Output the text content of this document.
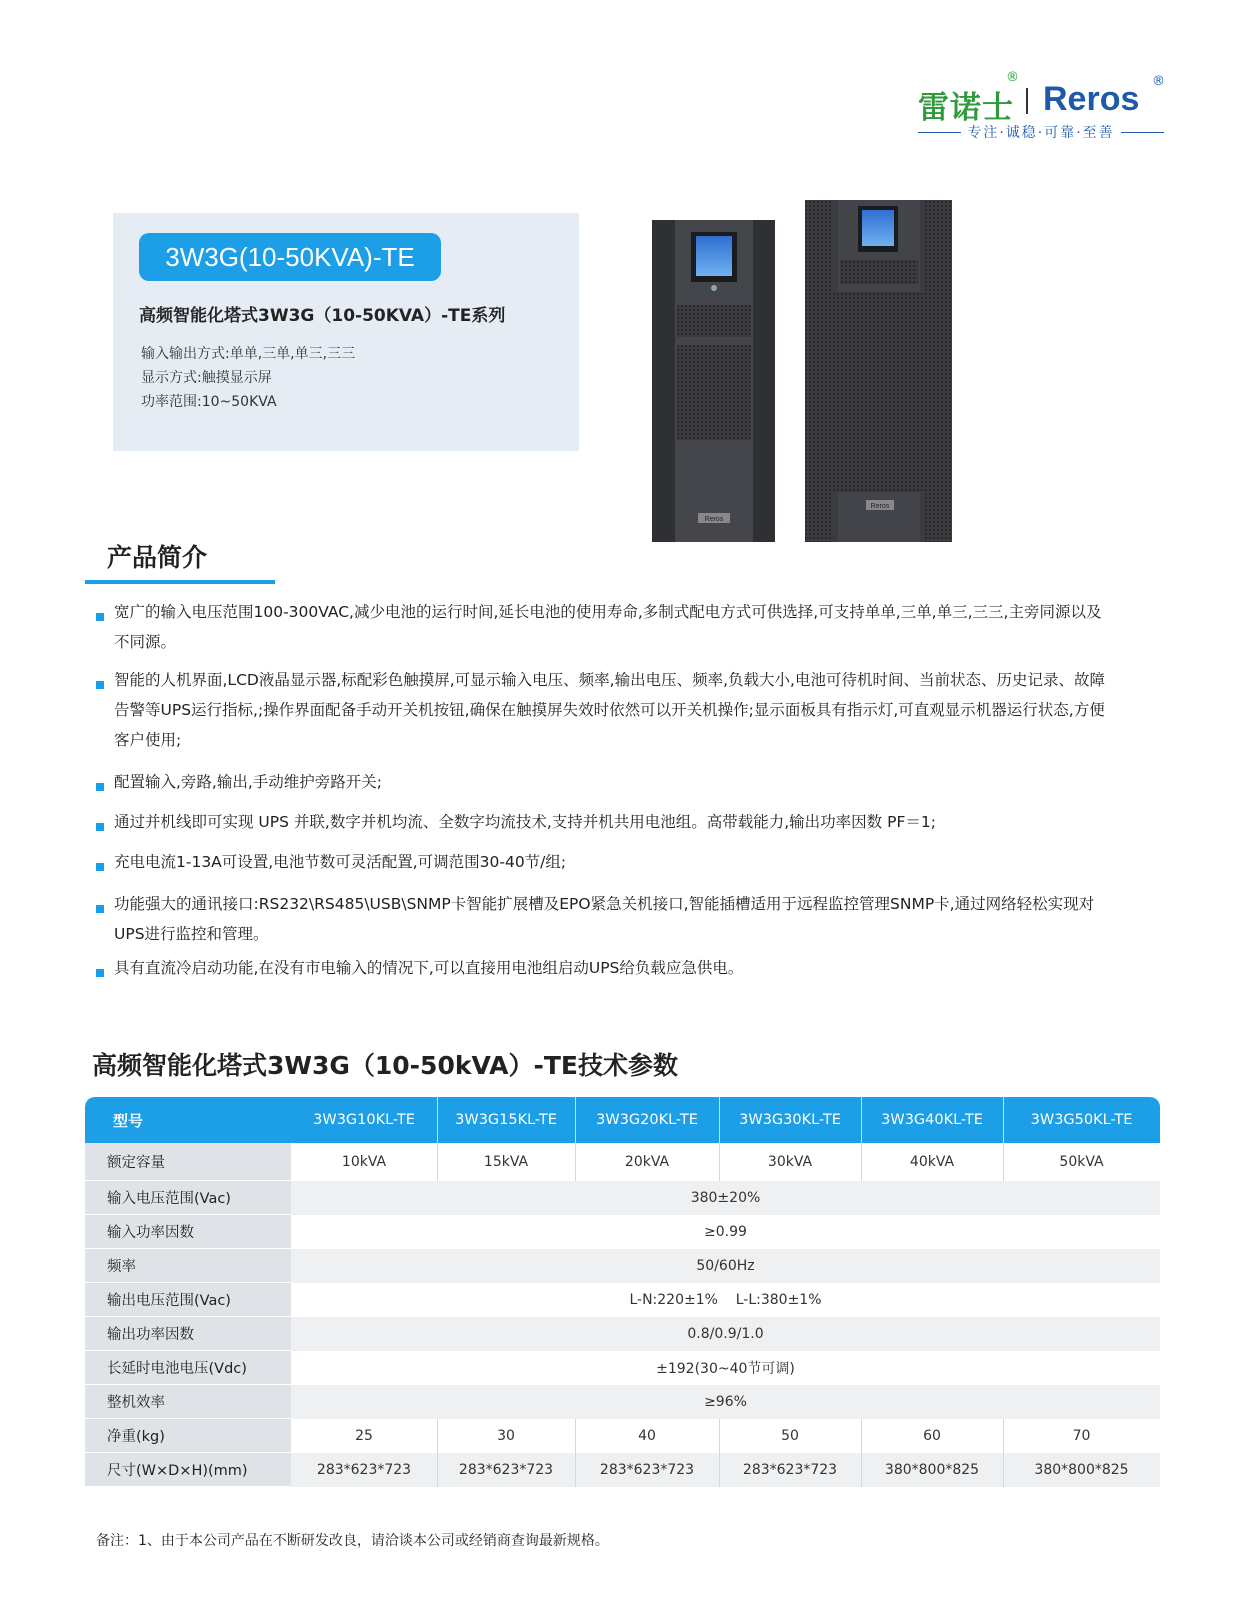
雷诺士
®
Reros ®
专注·诚稳·可靠·至善
3W3G(10-50KVA)-TE
高频智能化塔式3W3G（10-50KVA）-TE系列
输入输出方式:单单,三单,单三,三三
显示方式:触摸显示屏
功率范围:10~50KVA
Reros
Reros
产品简介
宽广的输入电压范围100-300VAC,减少电池的运行时间,延长电池的使用寿命,多制式配电方式可供选择,可支持单单,三单,单三,三三,主旁同源以及不同源。
智能的人机界面,LCD液晶显示器,标配彩色触摸屏,可显示输入电压、频率,输出电压、频率,负载大小,电池可待机时间、当前状态、历史记录、故障告警等UPS运行指标,;操作界面配备手动开关机按钮,确保在触摸屏失效时依然可以开关机操作;显示面板具有指示灯,可直观显示机器运行状态,方便客户使用;
配置输入,旁路,输出,手动维护旁路开关;
通过并机线即可实现 UPS 并联,数字并机均流、全数字均流技术,支持并机共用电池组。高带载能力,输出功率因数 PF＝1;
充电电流1-13A可设置,电池节数可灵活配置,可调范围30-40节/组;
功能强大的通讯接口:RS232\RS485\USB\SNMP卡智能扩展槽及EPO紧急关机接口,智能插槽适用于远程监控管理SNMP卡,通过网络轻松实现对UPS进行监控和管理。
具有直流冷启动功能,在没有市电输入的情况下,可以直接用电池组启动UPS给负载应急供电。
高频智能化塔式3W3G（10-50kVA）-TE技术参数
型号	3W3G10KL-TE	3W3G15KL-TE	3W3G20KL-TE	3W3G30KL-TE	3W3G40KL-TE	3W3G50KL-TE
额定容量	10kVA	15kVA	20kVA	30kVA	40kVA	50kVA
输入电压范围(Vac)	380±20%
输入功率因数	≥0.99
频率	50/60Hz
输出电压范围(Vac)	L-N:220±1%    L-L:380±1%
输出功率因数	0.8/0.9/1.0
长延时电池电压(Vdc)	±192(30~40节可调)
整机效率	≥96%
净重(kg)	25	30	40	50	60	70
尺寸(W×D×H)(mm)	283*623*723	283*623*723	283*623*723	283*623*723	380*800*825	380*800*825
备注：1、由于本公司产品在不断研发改良，请洽谈本公司或经销商查询最新规格。
